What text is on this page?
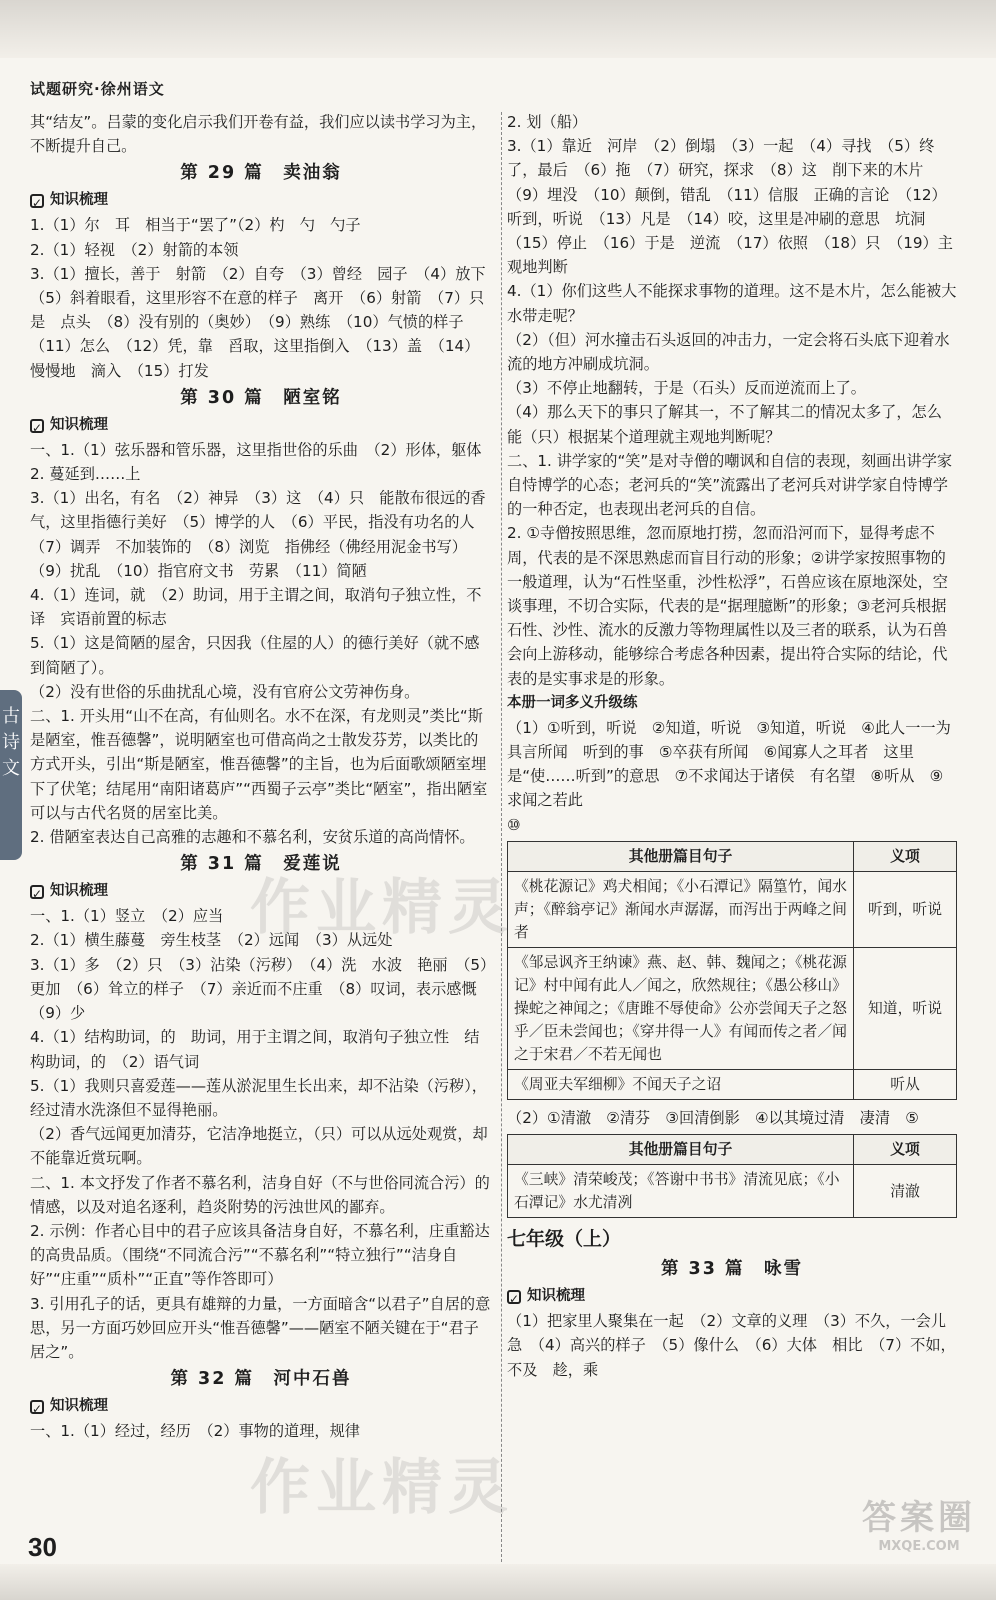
试题研究·徐州语文
古
诗
文
其“结友”。吕蒙的变化启示我们开卷有益，我们应以读书学习为主，不断提升自己。
第 29 篇　卖油翁
✓ 知识梳理
1.（1）尔　耳　相当于“罢了”（2）杓　勺　勺子
2.（1）轻视　（2）射箭的本领
3.（1）擅长，善于　射箭　（2）自夸　（3）曾经　园子　（4）放下　（5）斜着眼看，这里形容不在意的样子　离开　（6）射箭　（7）只是　点头　（8）没有别的（奥妙）　（9）熟练　（10）气愤的样子　（11）怎么　（12）凭，靠　舀取，这里指倒入　（13）盖　（14）慢慢地　滴入　（15）打发
第 30 篇　陋室铭
✓ 知识梳理
一、1.（1）弦乐器和管乐器，这里指世俗的乐曲　（2）形体，躯体
2. 蔓延到……上
3.（1）出名，有名　（2）神异　（3）这　（4）只　能散布很远的香气，这里指德行美好　（5）博学的人　（6）平民，指没有功名的人　（7）调弄　不加装饰的　（8）浏览　指佛经（佛经用泥金书写）　（9）扰乱　（10）指官府文书　劳累　（11）简陋
4.（1）连词，就　（2）助词，用于主谓之间，取消句子独立性，不译　宾语前置的标志
5.（1）这是简陋的屋舍，只因我（住屋的人）的德行美好（就不感到简陋了）。
（2）没有世俗的乐曲扰乱心境，没有官府公文劳神伤身。
二、1. 开头用“山不在高，有仙则名。水不在深，有龙则灵”类比“斯是陋室，惟吾德馨”，说明陋室也可借高尚之士散发芬芳，以类比的方式开头，引出“斯是陋室，惟吾德馨”的主旨，也为后面歌颂陋室埋下了伏笔；结尾用“南阳诸葛庐”“西蜀子云亭”类比“陋室”，指出陋室可以与古代名贤的居室比美。
2. 借陋室表达自己高雅的志趣和不慕名利，安贫乐道的高尚情怀。
第 31 篇　爱莲说
✓ 知识梳理
一、1.（1）竖立　（2）应当
2.（1）横生藤蔓　旁生枝茎　（2）远闻　（3）从远处
3.（1）多　（2）只　（3）沾染（污秽）　（4）洗　水波　艳丽　（5）更加　（6）耸立的样子　（7）亲近而不庄重　（8）叹词，表示感慨　（9）少
4.（1）结构助词，的　助词，用于主谓之间，取消句子独立性　结构助词，的　（2）语气词
5.（1）我则只喜爱莲——莲从淤泥里生长出来，却不沾染（污秽），经过清水洗涤但不显得艳丽。
（2）香气远闻更加清芬，它洁净地挺立，（只）可以从远处观赏，却不能靠近赏玩啊。
二、1. 本文抒发了作者不慕名利，洁身自好（不与世俗同流合污）的情感，以及对追名逐利，趋炎附势的污浊世风的鄙弃。
2. 示例：作者心目中的君子应该具备洁身自好，不慕名利，庄重豁达的高贵品质。（围绕“不同流合污”“不慕名利”“特立独行”“洁身自好”“庄重”“质朴”“正直”等作答即可）
3. 引用孔子的话，更具有雄辩的力量，一方面暗含“以君子”自居的意思，另一方面巧妙回应开头“惟吾德馨”——陋室不陋关键在于“君子居之”。
第 32 篇　河中石兽
✓ 知识梳理
一、1.（1）经过，经历　（2）事物的道理，规律
2. 划（船）
3.（1）靠近　河岸　（2）倒塌　（3）一起　（4）寻找　（5）终了，最后　（6）拖　（7）研究，探求　（8）这　削下来的木片　（9）埋没　（10）颠倒，错乱　（11）信服　正确的言论　（12）听到，听说　（13）凡是　（14）咬，这里是冲刷的意思　坑洞　（15）停止　（16）于是　逆流　（17）依照　（18）只　（19）主观地判断
4.（1）你们这些人不能探求事物的道理。这不是木片，怎么能被大水带走呢？
（2）（但）河水撞击石头返回的冲击力，一定会将石头底下迎着水流的地方冲刷成坑洞。
（3）不停止地翻转，于是（石头）反而逆流而上了。
（4）那么天下的事只了解其一，不了解其二的情况太多了，怎么能（只）根据某个道理就主观地判断呢？
二、1. 讲学家的“笑”是对寺僧的嘲讽和自信的表现，刻画出讲学家自恃博学的心态；老河兵的“笑”流露出了老河兵对讲学家自恃博学的一种否定，也表现出老河兵的自信。
2. ①寺僧按照思维，忽而原地打捞，忽而沿河而下，显得考虑不周，代表的是不深思熟虑而盲目行动的形象；②讲学家按照事物的一般道理，认为“石性坚重，沙性松浮”，石兽应该在原地深处，空谈事理，不切合实际，代表的是“据理臆断”的形象；③老河兵根据石性、沙性、流水的反激力等物理属性以及三者的联系，认为石兽会向上游移动，能够综合考虑各种因素，提出符合实际的结论，代表的是实事求是的形象。
本册一词多义升级练
（1）①听到，听说　②知道，听说　③知道，听说　④此人一一为具言所闻　听到的事　⑤卒获有所闻　⑥闻寡人之耳者　这里是“使……听到”的意思　⑦不求闻达于诸侯　有名望　⑧听从　⑨求闻之若此
⑩
其他册篇目句子	义项
《桃花源记》鸡犬相闻；《小石潭记》隔篁竹，闻水声；《醉翁亭记》渐闻水声潺潺，而泻出于两峰之间者	听到，听说
《邹忌讽齐王纳谏》燕、赵、韩、魏闻之；《桃花源记》村中闻有此人／闻之，欣然规往；《愚公移山》操蛇之神闻之；《唐雎不辱使命》公亦尝闻天子之怒乎／臣未尝闻也；《穿井得一人》有闻而传之者／闻之于宋君／不若无闻也	知道，听说
《周亚夫军细柳》不闻天子之诏	听从
（2）①清澈　②清芬　③回清倒影　④以其境过清　凄清　⑤
其他册篇目句子	义项
《三峡》清荣峻茂；《答谢中书书》清流见底；《小石潭记》水尤清冽	清澈
七年级（上）
第 33 篇　咏雪
✓ 知识梳理
（1）把家里人聚集在一起　（2）文章的义理　（3）不久，一会儿　急　（4）高兴的样子　（5）像什么　（6）大体　相比　（7）不如，不及　趁，乘
作业精灵
作业精灵	答案圈
MXQE.COM
30
